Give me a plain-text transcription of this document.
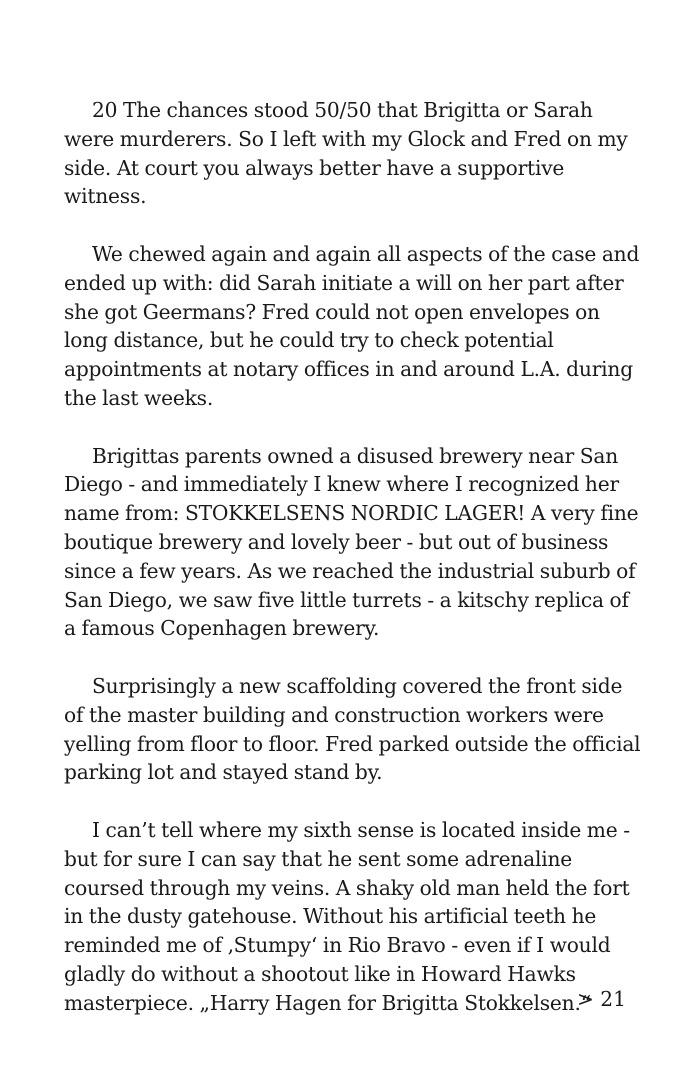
20 The chances stood 50/50 that Brigitta or Sarah were murderers. So I left with my Glock and Fred on my side. At court you always better have a supportive witness.

We chewed again and again all aspects of the case and ended up with: did Sarah initiate a will on her part after she got Geermans? Fred could not open envelopes on long distance, but he could try to check potential appointments at notary offices in and around L.A. during the last weeks.

Brigittas parents owned a disused brewery near San Diego - and immediately I knew where I recognized her name from: STOKKELSENS NORDIC LAGER! A very fine boutique brewery and lovely beer - but out of business since a few years. As we reached the industrial suburb of San Diego, we saw five little turrets - a kitschy replica of a famous Copenhagen brewery.

Surprisingly a new scaffolding covered the front side of the master building and construction workers were yelling from floor to floor. Fred parked outside the official parking lot and stayed stand by.

I can’t tell where my sixth sense is located inside me - but for sure I can say that he sent some adrenaline coursed through my veins. A shaky old man held the fort in the dusty gatehouse. Without his artificial teeth he reminded me of ‚Stumpy‘ in Rio Bravo - even if I would gladly do without a shootout like in Howard Hawks masterpiece. „Harry Hagen for Brigitta Stokkelsen.“

> 21
